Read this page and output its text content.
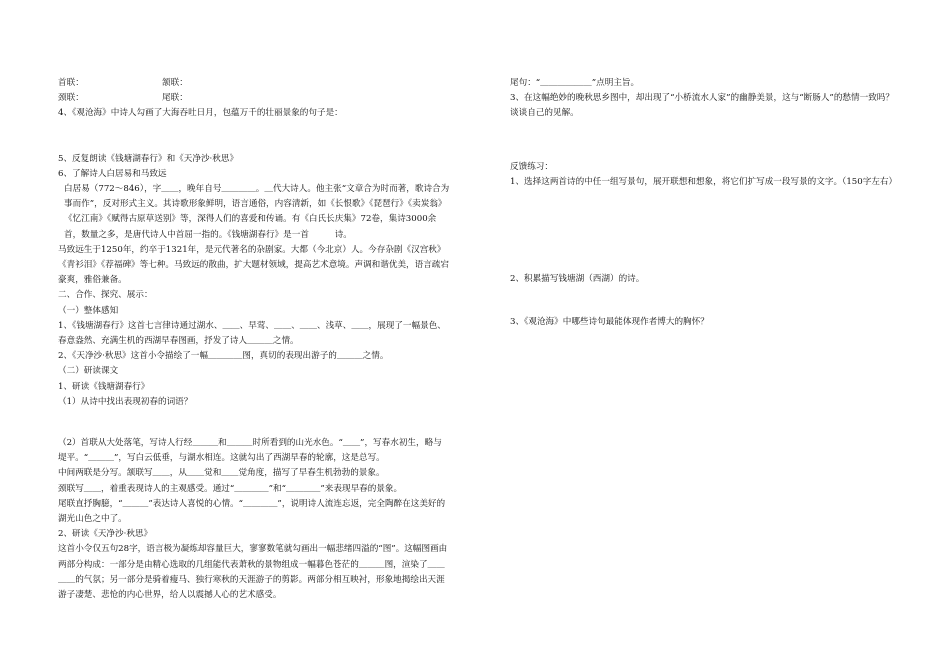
首联：	颔联：
颈联：	尾联：
4、《观沧海》中诗人勾画了大海吞吐日月，包蕴万千的壮丽景象的句子是：
5、反复朗读《钱塘湖春行》和《天净沙·秋思》
6、了解诗人白居易和马致远
白居易（772～846），字＿＿，晚年自号＿＿＿＿。＿代大诗人。他主张“文章合为时而著，歌诗合为事而作”，反对形式主义。其诗歌形象鲜明，语言通俗，内容清新，如《长恨歌》《琵琶行》《卖炭翁》《忆江南》《赋得古原草送别》等，深得人们的喜爱和传诵。有《白氏长庆集》72卷，集诗3000余首，数量之多，是唐代诗人中首屈一指的。《钱塘湖春行》是一首　　　诗。
马致远生于1250年，约卒于1321年，是元代著名的杂剧家。大都（今北京）人。今存杂剧《汉宫秋》《青衫泪》《荐福碑》等七种。马致远的散曲，扩大题材领域，提高艺术意境。声调和谐优美，语言疏宕豪爽，雅俗兼备。
二、合作、探究、展示：
（一）整体感知
1、《钱塘湖春行》这首七言律诗通过湖水、＿＿、早莺、＿＿、＿＿、浅草、＿＿，展现了一幅景色、春意盎然、充满生机的西湖早春图画，抒发了诗人＿＿＿之情。
2、《天净沙·秋思》这首小令描绘了一幅＿＿＿＿图，真切的表现出游子的＿＿＿之情。
（二）研读课文
1、研读《钱塘湖春行》
（1）从诗中找出表现初春的词语？
（2）首联从大处落笔，写诗人行经＿＿＿和＿＿＿时所看到的山光水色。“＿＿”，写春水初生，略与堤平。“＿＿＿”，写白云低垂，与湖水相连。这就勾出了西湖早春的轮廓，这是总写。
中间两联是分写。颔联写＿＿，从＿＿觉和＿＿觉角度，描写了早春生机勃勃的景象。
颈联写＿＿，着重表现诗人的主观感受。通过“＿＿＿＿”和“＿＿＿＿”来表现早春的景象。
尾联直抒胸臆，“＿＿＿”表达诗人喜悦的心情。“＿＿＿＿”，说明诗人流连忘返，完全陶醉在这美好的湖光山色之中了。
2、研读《天净沙·秋思》
这首小令仅五句28字，语言极为凝炼却容量巨大，寥寥数笔就勾画出一幅悲绪四溢的“图”。这幅图画由两部分构成：一部分是由精心选取的几组能代表萧秋的景物组成一幅暮色苍茫的＿＿＿图，渲染了＿＿＿＿的气氛；另一部分是骑着瘦马、独行寒秋的天涯游子的剪影。两部分相互映衬，形象地揭绘出天涯游子凄楚、悲怆的内心世界，给人以震撼人心的艺术感受。
尾句：“＿＿＿＿＿＿”点明主旨。
3、在这幅绝妙的晚秋思乡图中，却出现了“小桥流水人家”的幽静美景，这与“断肠人”的愁情一致吗？谈谈自己的见解。
反馈练习：
1、选择这两首诗的中任一组写景句，展开联想和想象，将它们扩写成一段写景的文字。（150字左右）
2、积累描写钱塘湖（西湖）的诗。
3、《观沧海》中哪些诗句最能体现作者博大的胸怀？
